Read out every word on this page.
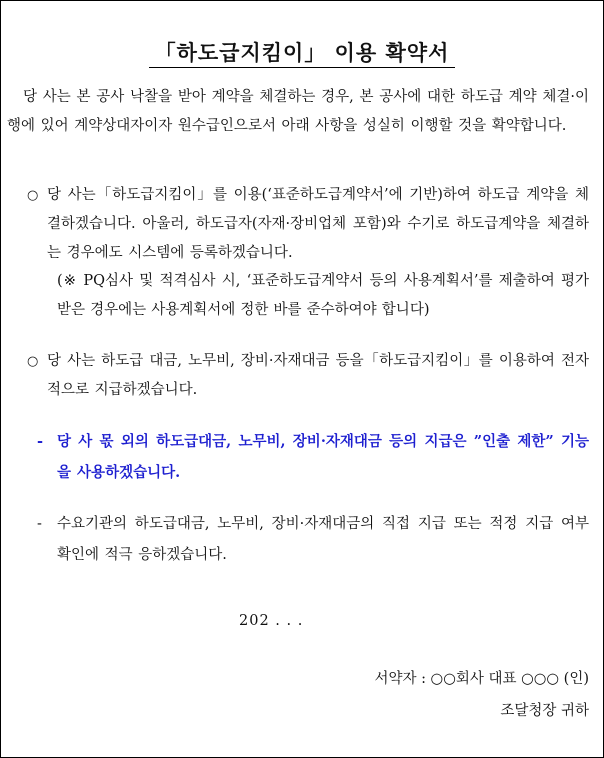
「하도급지킴이」 이용 확약서
당 사는 본 공사 낙찰을 받아 계약을 체결하는 경우, 본 공사에 대한 하도급 계약 체결·이행에 있어 계약상대자이자 원수급인으로서 아래 사항을 성실히 이행할 것을 확약합니다.
○ 당 사는「하도급지킴이」를 이용(‘표준하도급계약서’에 기반)하여 하도급 계약을 체결하겠습니다. 아울러, 하도급자(자재·장비업체 포함)와 수기로 하도급계약을 체결하는 경우에도 시스템에 등록하겠습니다.
(※ PQ심사 및 적격심사 시, ‘표준하도급계약서 등의 사용계획서’를 제출하여 평가받은 경우에는 사용계획서에 정한 바를 준수하여야 합니다)
○ 당 사는 하도급 대금, 노무비, 장비·자재대금 등을「하도급지킴이」를 이용하여 전자적으로 지급하겠습니다.
- 당 사 몫 외의 하도급대금, 노무비, 장비·자재대금 등의 지급은 ”인출 제한” 기능을 사용하겠습니다.
- 수요기관의 하도급대금, 노무비, 장비·자재대금의 직접 지급 또는 적정 지급 여부 확인에 적극 응하겠습니다.
202 . . .
서약자 : ○○회사 대표 ○○○ (인)
조달청장 귀하
